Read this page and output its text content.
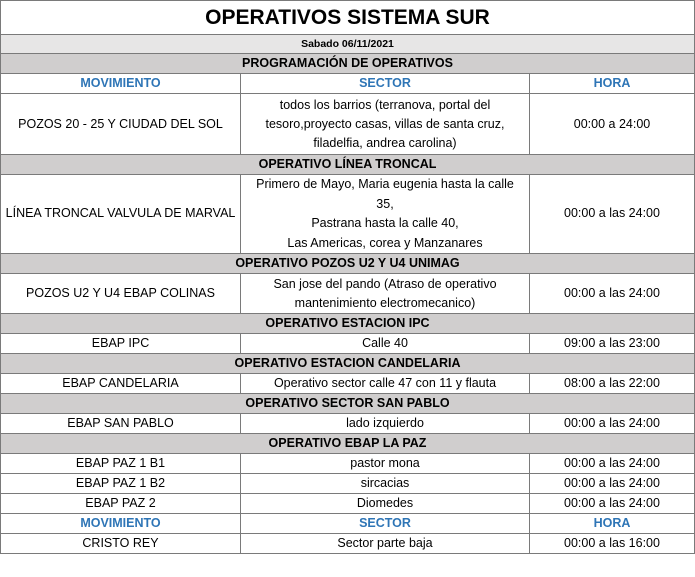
OPERATIVOS SISTEMA SUR		
Sabado 06/11/2021		
PROGRAMACIÓN DE OPERATIVOS		
MOVIMIENTO	SECTOR	HORA
POZOS 20 - 25 Y CIUDAD DEL SOL	todos los barrios (terranova, portal del
tesoro,proyecto casas, villas de santa cruz,
filadelfia, andrea carolina)	00:00 a 24:00
OPERATIVO LÍNEA TRONCAL		
LÍNEA TRONCAL VALVULA DE MARVAL	Primero de Mayo, Maria eugenia hasta la calle
35,
Pastrana hasta la calle 40,
Las Americas, corea y Manzanares	00:00 a las 24:00
OPERATIVO POZOS U2 Y U4 UNIMAG		
POZOS U2 Y U4 EBAP COLINAS	San jose del pando (Atraso de operativo
mantenimiento electromecanico)	00:00 a las 24:00
OPERATIVO ESTACION IPC		
EBAP IPC	Calle 40	09:00 a las 23:00
OPERATIVO ESTACION CANDELARIA		
EBAP CANDELARIA	Operativo sector calle 47 con 11 y flauta	08:00 a las 22:00
OPERATIVO SECTOR SAN PABLO		
EBAP SAN PABLO	lado izquierdo	00:00 a las 24:00
OPERATIVO EBAP LA PAZ		
EBAP PAZ 1 B1	pastor mona	00:00 a las 24:00
EBAP PAZ 1 B2	sircacias	00:00 a las 24:00
EBAP PAZ 2	Diomedes	00:00 a las 24:00
MOVIMIENTO	SECTOR	HORA
CRISTO REY	Sector parte baja	00:00 a las 16:00
